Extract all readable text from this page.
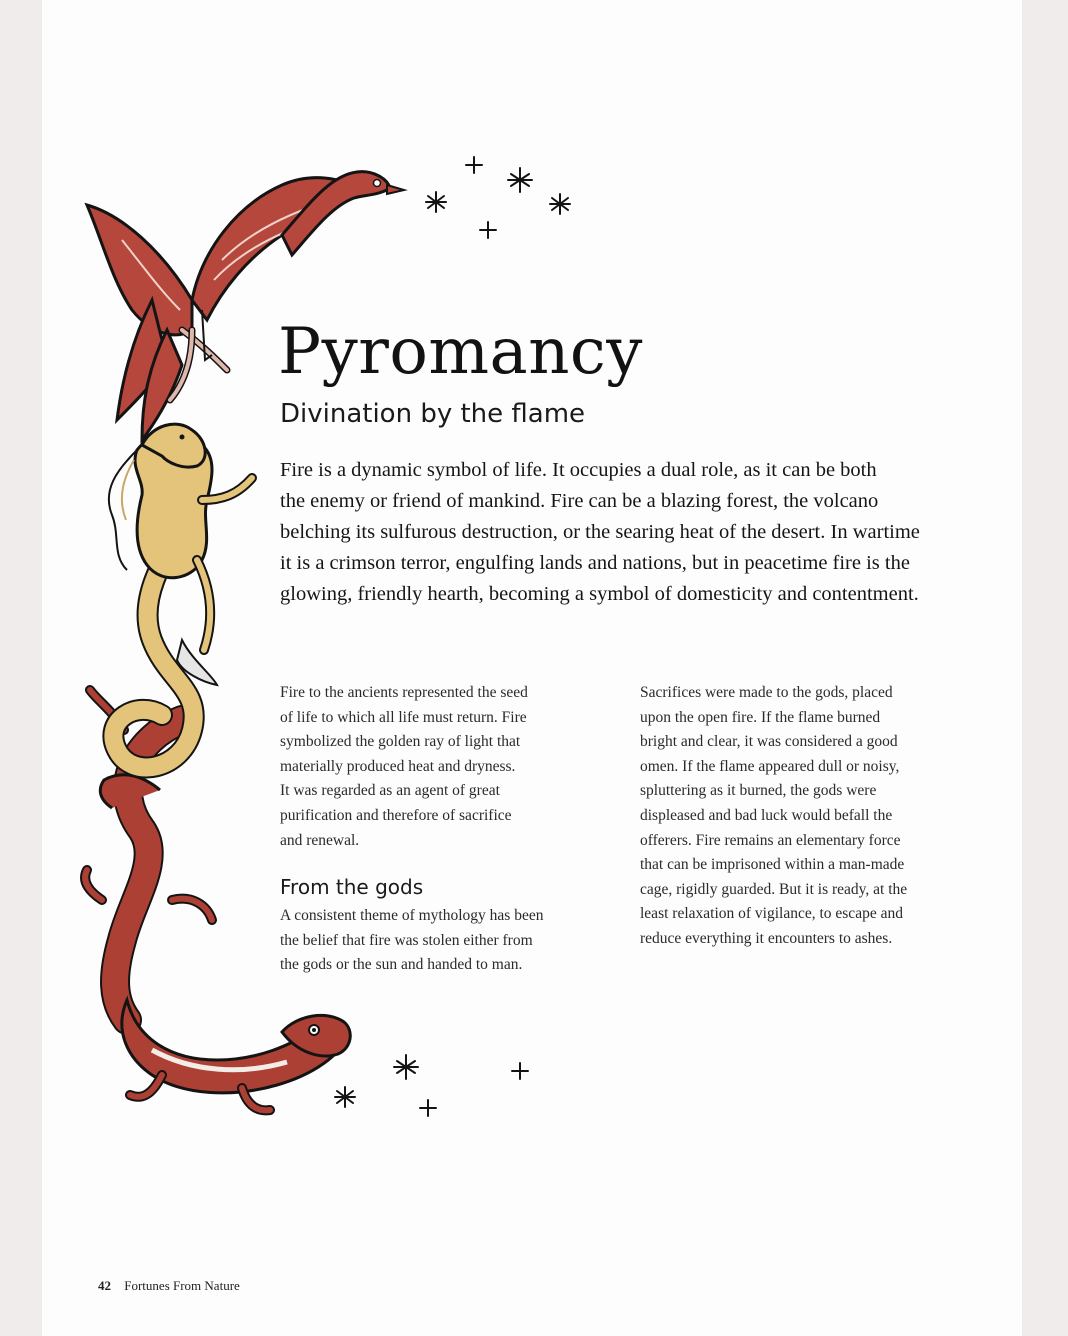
Pyromancy
Divination by the flame

Fire is a dynamic symbol of life. It occupies a dual role, as it can be both
the enemy or friend of mankind. Fire can be a blazing forest, the volcano
belching its sulfurous destruction, or the searing heat of the desert. In wartime
it is a crimson terror, engulfing lands and nations, but in peacetime fire is the
glowing, friendly hearth, becoming a symbol of domesticity and contentment.

Fire to the ancients represented the seed
of life to which all life must return. Fire
symbolized the golden ray of light that
materially produced heat and dryness.
It was regarded as an agent of great
purification and therefore of sacrifice
and renewal.
From the gods
A consistent theme of mythology has been
the belief that fire was stolen either from
the gods or the sun and handed to man.
Sacrifices were made to the gods, placed
upon the open fire. If the flame burned
bright and clear, it was considered a good
omen. If the flame appeared dull or noisy,
spluttering as it burned, the gods were
displeased and bad luck would befall the
offerers. Fire remains an elementary force
that can be imprisoned within a man-made
cage, rigidly guarded. But it is ready, at the
least relaxation of vigilance, to escape and
reduce everything it encounters to ashes.
42 Fortunes From Nature
